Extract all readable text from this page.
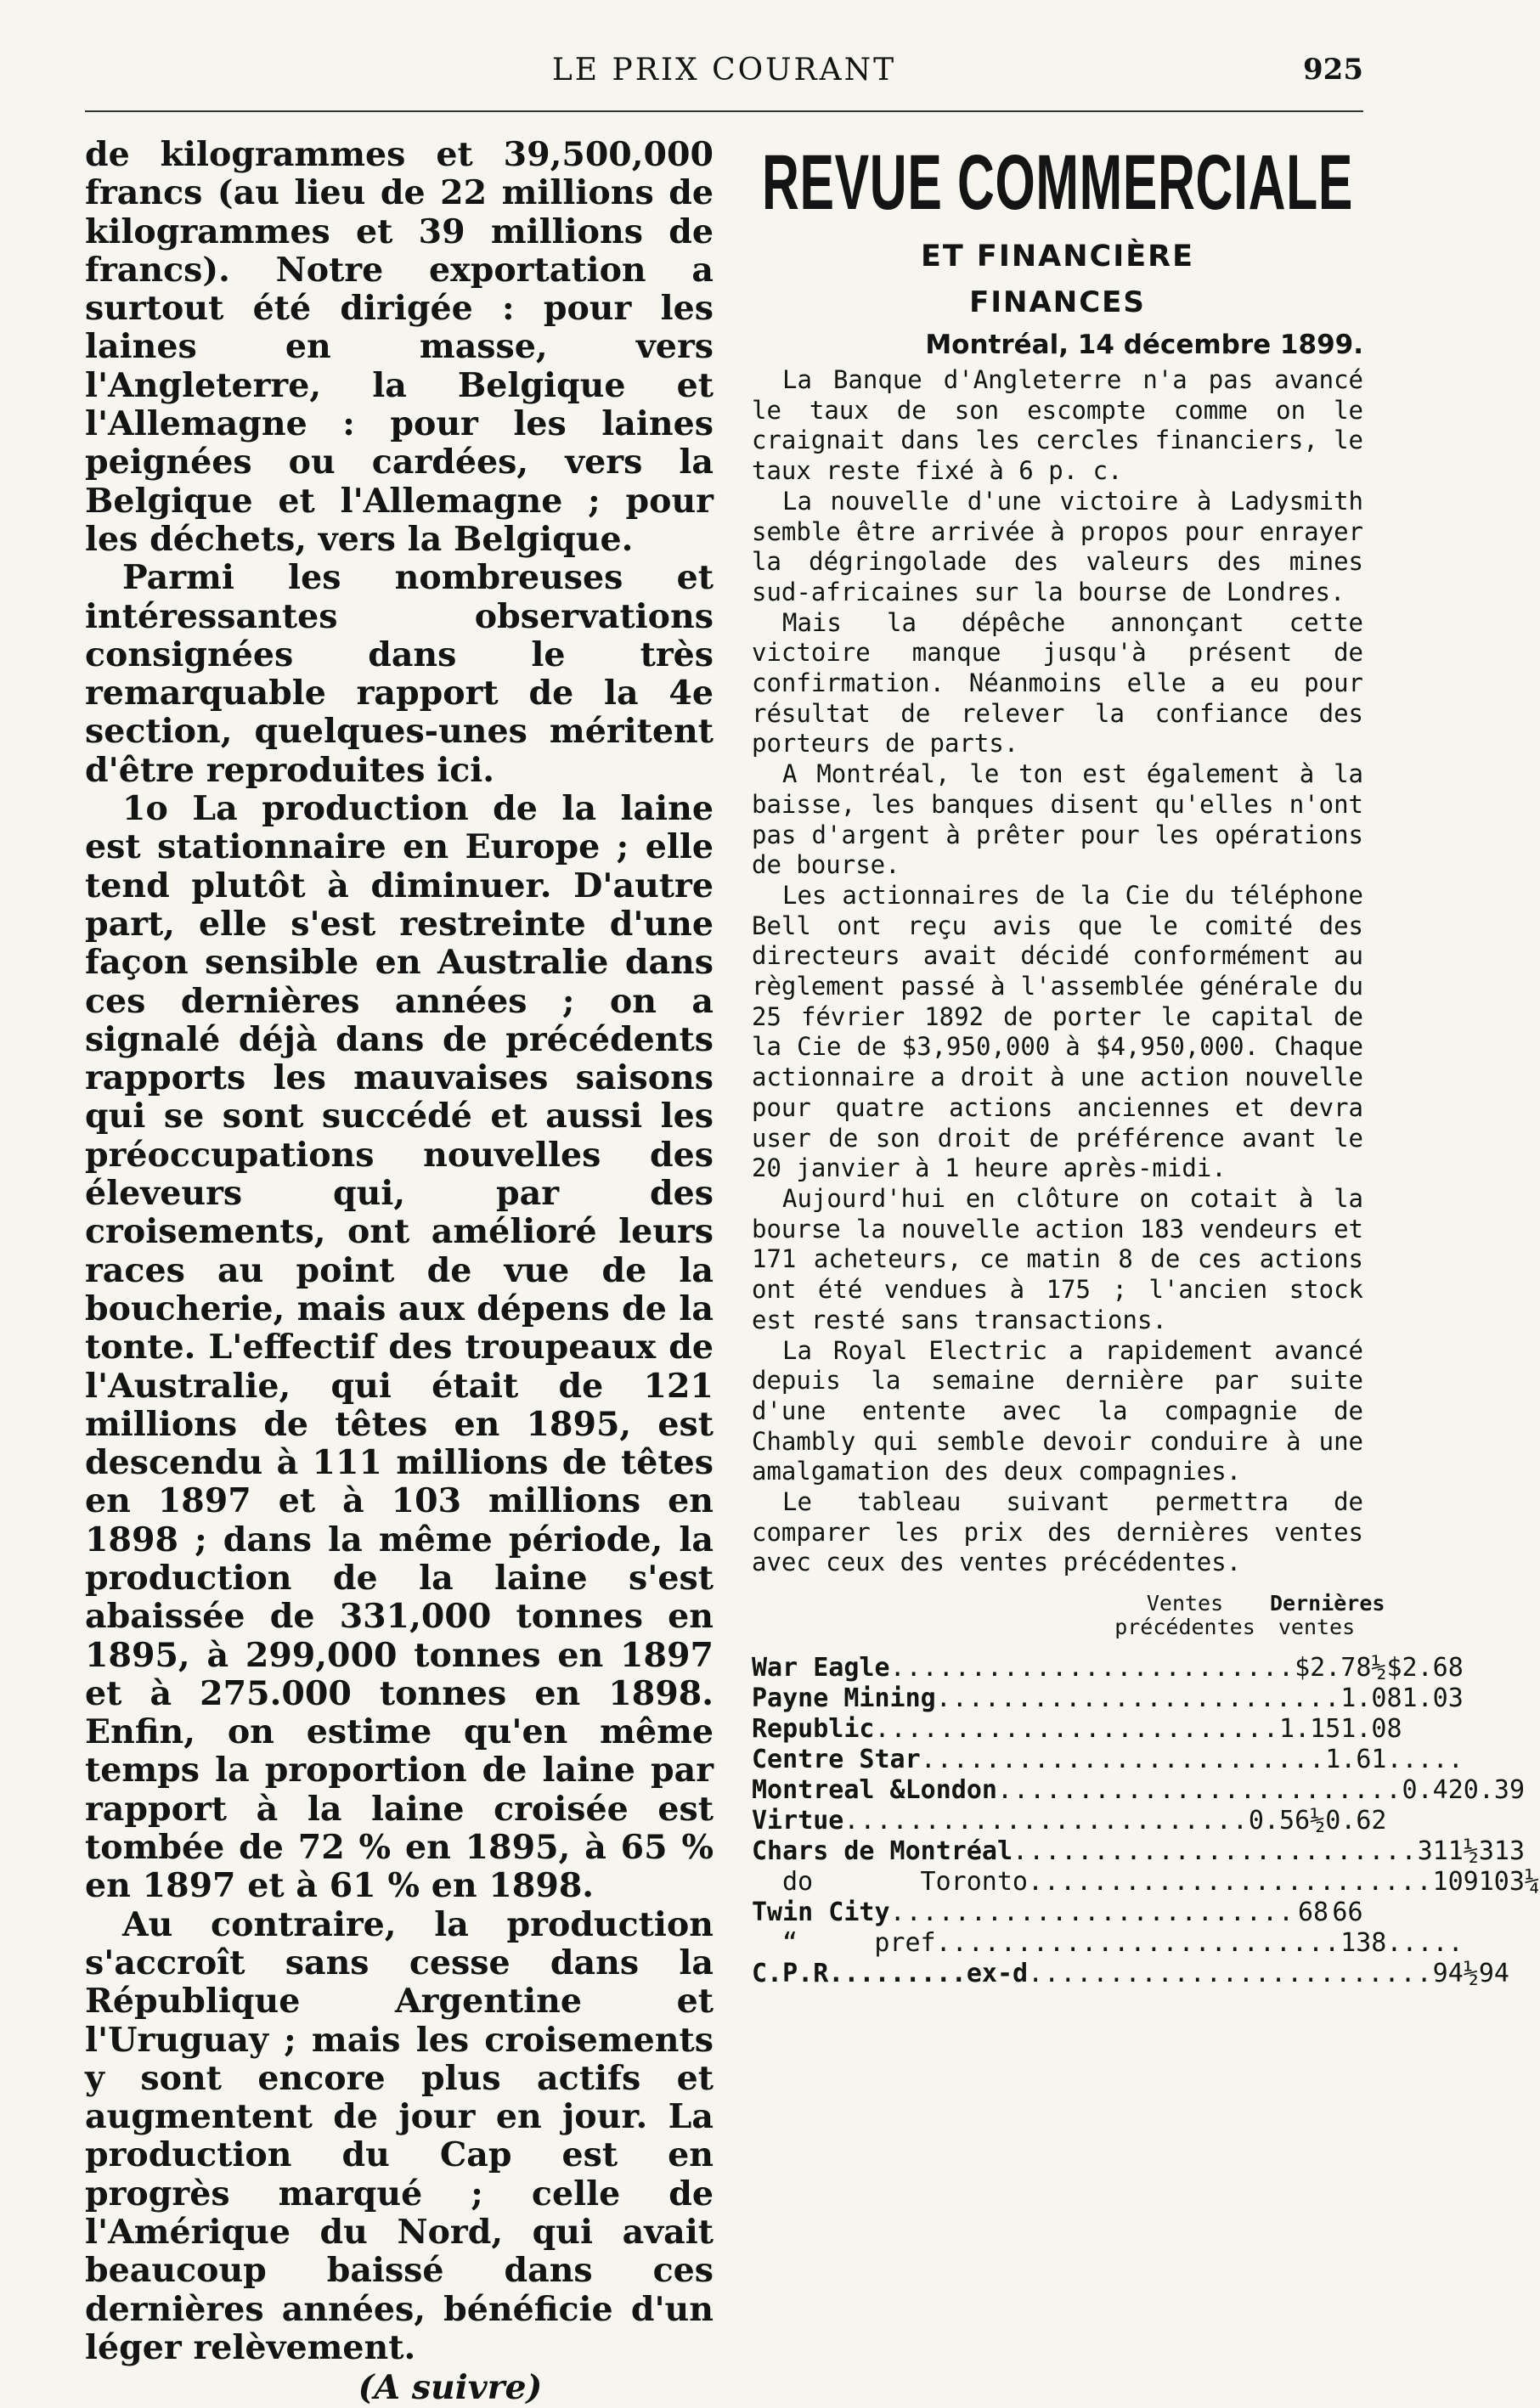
LE PRIX COURANT	925

de kilogrammes et 39,500,000 francs (au lieu de 22 millions de kilogrammes et 39 millions de francs). Notre exportation a surtout été dirigée : pour les laines en masse, vers l'Angleterre, la Belgique et l'Allemagne : pour les laines peignées ou cardées, vers la Belgique et l'Allemagne ; pour les déchets, vers la Belgique.

Parmi les nombreuses et intéressantes observations consignées dans le très remarquable rapport de la 4e section, quelques-unes méritent d'être reproduites ici.

1o La production de la laine est stationnaire en Europe ; elle tend plutôt à diminuer. D'autre part, elle s'est restreinte d'une façon sensible en Australie dans ces dernières années ; on a signalé déjà dans de précédents rapports les mauvaises saisons qui se sont succédé et aussi les préoccupations nouvelles des éleveurs qui, par des croisements, ont amélioré leurs races au point de vue de la boucherie, mais aux dépens de la tonte. L'effectif des troupeaux de l'Australie, qui était de 121 millions de têtes en 1895, est descendu à 111 millions de têtes en 1897 et à 103 millions en 1898 ; dans la même période, la production de la laine s'est abaissée de 331,000 tonnes en 1895, à 299,000 tonnes en 1897 et à 275.000 tonnes en 1898. Enfin, on estime qu'en même temps la proportion de laine par rapport à la laine croisée est tombée de 72 % en 1895, à 65 % en 1897 et à 61 % en 1898.

Au contraire, la production s'accroît sans cesse dans la République Argentine et l'Uruguay ; mais les croisements y sont encore plus actifs et augmentent de jour en jour. La production du Cap est en progrès marqué ; celle de l'Amérique du Nord, qui avait beaucoup baissé dans ces dernières années, bénéficie d'un léger relèvement.

(A suivre)
REVUE COMMERCIALE
ET FINANCIÈRE
FINANCES
Montréal, 14 décembre 1899.

La Banque d'Angleterre n'a pas avancé le taux de son escompte comme on le craignait dans les cercles financiers, le taux reste fixé à 6 p. c.

La nouvelle d'une victoire à Ladysmith semble être arrivée à propos pour enrayer la dégringolade des valeurs des mines sud-africaines sur la bourse de Londres.

Mais la dépêche annonçant cette victoire manque jusqu'à présent de confirmation. Néanmoins elle a eu pour résultat de relever la confiance des porteurs de parts.

A Montréal, le ton est également à la baisse, les banques disent qu'elles n'ont pas d'argent à prêter pour les opérations de bourse.

Les actionnaires de la Cie du téléphone Bell ont reçu avis que le comité des directeurs avait décidé conformément au règlement passé à l'assemblée générale du 25 février 1892 de porter le capital de la Cie de $3,950,000 à $4,950,000. Chaque actionnaire a droit à une action nouvelle pour quatre actions anciennes et devra user de son droit de préférence avant le 20 janvier à 1 heure après-midi.

Aujourd'hui en clôture on cotait à la bourse la nouvelle action 183 vendeurs et 171 acheteurs, ce matin 8 de ces actions ont été vendues à 175 ; l'ancien stock est resté sans transactions.

La Royal Electric a rapidement avancé depuis la semaine dernière par suite d'une entente avec la compagnie de Chambly qui semble devoir conduire à une amalgamation des deux compagnies.

Le tableau suivant permettra de comparer les prix des dernières ventes avec ceux des ventes précédentes.

Ventes
précédentes
Dernières
ventes
War Eagle......................... $2.78½ $2.68
Payne Mining......................... 1.08 1.03
Republic......................... 1.15 1.08
Centre Star......................... 1.61 .....
Montreal &London......................... 0.42 0.39
Virtue......................... 0.56½ 0.62
Chars de Montréal......................... 311½ 313
do       Toronto......................... 109 103¼
Twin City......................... 68 66
“     pref......................... 138 .....
C.P.R.........ex-d......................... 94½ 94
